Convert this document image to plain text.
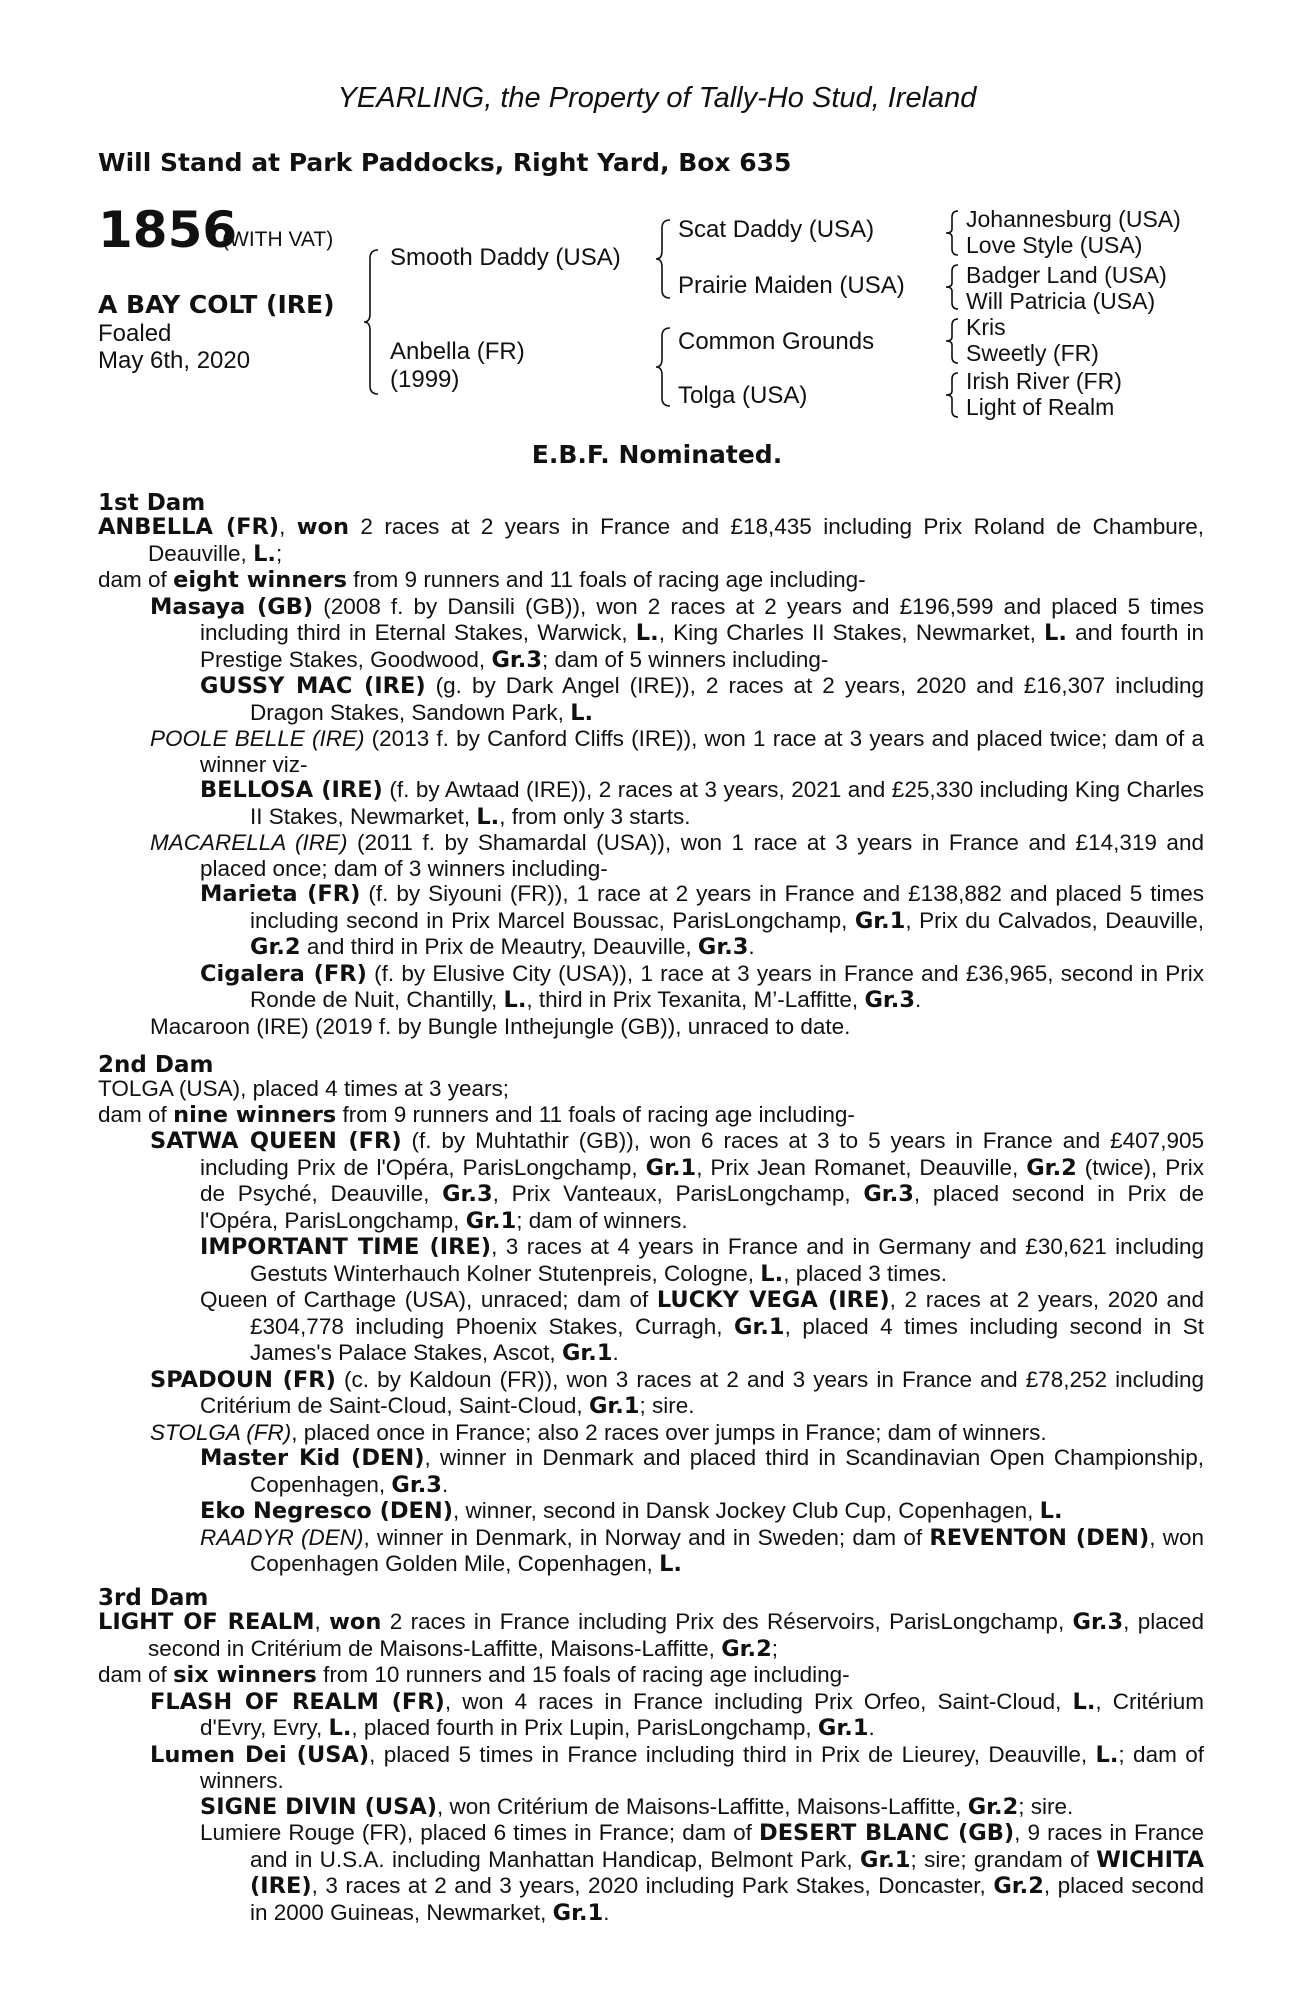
YEARLING, the Property of Tally-Ho Stud, Ireland
Will Stand at Park Paddocks, Right Yard, Box 635
1856
(WITH VAT)
A BAY COLT (IRE)
Foaled
May 6th, 2020
Smooth Daddy (USA)
Anbella (FR)
(1999)
Scat Daddy (USA)
Prairie Maiden (USA)
Common Grounds
Tolga (USA)
Johannesburg (USA)
Love Style (USA)
Badger Land (USA)
Will Patricia (USA)
Kris
Sweetly (FR)
Irish River (FR)
Light of Realm
E.B.F. Nominated.
1st Dam

ANBELLA (FR), won 2 races at 2 years in France and £18,435 including Prix Roland de Chambure, Deauville, L.;

dam of eight winners from 9 runners and 11 foals of racing age including-

Masaya (GB) (2008 f. by Dansili (GB)), won 2 races at 2 years and £196,599 and placed 5 times including third in Eternal Stakes, Warwick, L., King Charles II Stakes, Newmarket, L. and fourth in Prestige Stakes, Goodwood, Gr.3; dam of 5 winners including-

GUSSY MAC (IRE) (g. by Dark Angel (IRE)), 2 races at 2 years, 2020 and £16,307 including Dragon Stakes, Sandown Park, L.

POOLE BELLE (IRE) (2013 f. by Canford Cliffs (IRE)), won 1 race at 3 years and placed twice; dam of a winner viz-

BELLOSA (IRE) (f. by Awtaad (IRE)), 2 races at 3 years, 2021 and £25,330 including King Charles II Stakes, Newmarket, L., from only 3 starts.

MACARELLA (IRE) (2011 f. by Shamardal (USA)), won 1 race at 3 years in France and £14,319 and placed once; dam of 3 winners including-

Marieta (FR) (f. by Siyouni (FR)), 1 race at 2 years in France and £138,882 and placed 5 times including second in Prix Marcel Boussac, ParisLongchamp, Gr.1, Prix du Calvados, Deauville, Gr.2 and third in Prix de Meautry, Deauville, Gr.3.

Cigalera (FR) (f. by Elusive City (USA)), 1 race at 3 years in France and £36,965, second in Prix Ronde de Nuit, Chantilly, L., third in Prix Texanita, M’-Laffitte, Gr.3.

Macaroon (IRE) (2019 f. by Bungle Inthejungle (GB)), unraced to date.

2nd Dam

TOLGA (USA), placed 4 times at 3 years;

dam of nine winners from 9 runners and 11 foals of racing age including-

SATWA QUEEN (FR) (f. by Muhtathir (GB)), won 6 races at 3 to 5 years in France and £407,905 including Prix de l'Opéra, ParisLongchamp, Gr.1, Prix Jean Romanet, Deauville, Gr.2 (twice), Prix de Psyché, Deauville, Gr.3, Prix Vanteaux, ParisLongchamp, Gr.3, placed second in Prix de l'Opéra, ParisLongchamp, Gr.1; dam of winners.

IMPORTANT TIME (IRE), 3 races at 4 years in France and in Germany and £30,621 including Gestuts Winterhauch Kolner Stutenpreis, Cologne, L., placed 3 times.

Queen of Carthage (USA), unraced; dam of LUCKY VEGA (IRE), 2 races at 2 years, 2020 and £304,778 including Phoenix Stakes, Curragh, Gr.1, placed 4 times including second in St James's Palace Stakes, Ascot, Gr.1.

SPADOUN (FR) (c. by Kaldoun (FR)), won 3 races at 2 and 3 years in France and £78,252 including Critérium de Saint-Cloud, Saint-Cloud, Gr.1; sire.

STOLGA (FR), placed once in France; also 2 races over jumps in France; dam of winners.

Master Kid (DEN), winner in Denmark and placed third in Scandinavian Open Championship, Copenhagen, Gr.3.

Eko Negresco (DEN), winner, second in Dansk Jockey Club Cup, Copenhagen, L.

RAADYR (DEN), winner in Denmark, in Norway and in Sweden; dam of REVENTON (DEN), won Copenhagen Golden Mile, Copenhagen, L.

3rd Dam

LIGHT OF REALM, won 2 races in France including Prix des Réservoirs, ParisLongchamp, Gr.3, placed second in Critérium de Maisons-Laffitte, Maisons-Laffitte, Gr.2;

dam of six winners from 10 runners and 15 foals of racing age including-

FLASH OF REALM (FR), won 4 races in France including Prix Orfeo, Saint-Cloud, L., Critérium d'Evry, Evry, L., placed fourth in Prix Lupin, ParisLongchamp, Gr.1.

Lumen Dei (USA), placed 5 times in France including third in Prix de Lieurey, Deauville, L.; dam of winners.

SIGNE DIVIN (USA), won Critérium de Maisons-Laffitte, Maisons-Laffitte, Gr.2; sire.

Lumiere Rouge (FR), placed 6 times in France; dam of DESERT BLANC (GB), 9 races in France and in U.S.A. including Manhattan Handicap, Belmont Park, Gr.1; sire; grandam of WICHITA (IRE), 3 races at 2 and 3 years, 2020 including Park Stakes, Doncaster, Gr.2, placed second in 2000 Guineas, Newmarket, Gr.1.
